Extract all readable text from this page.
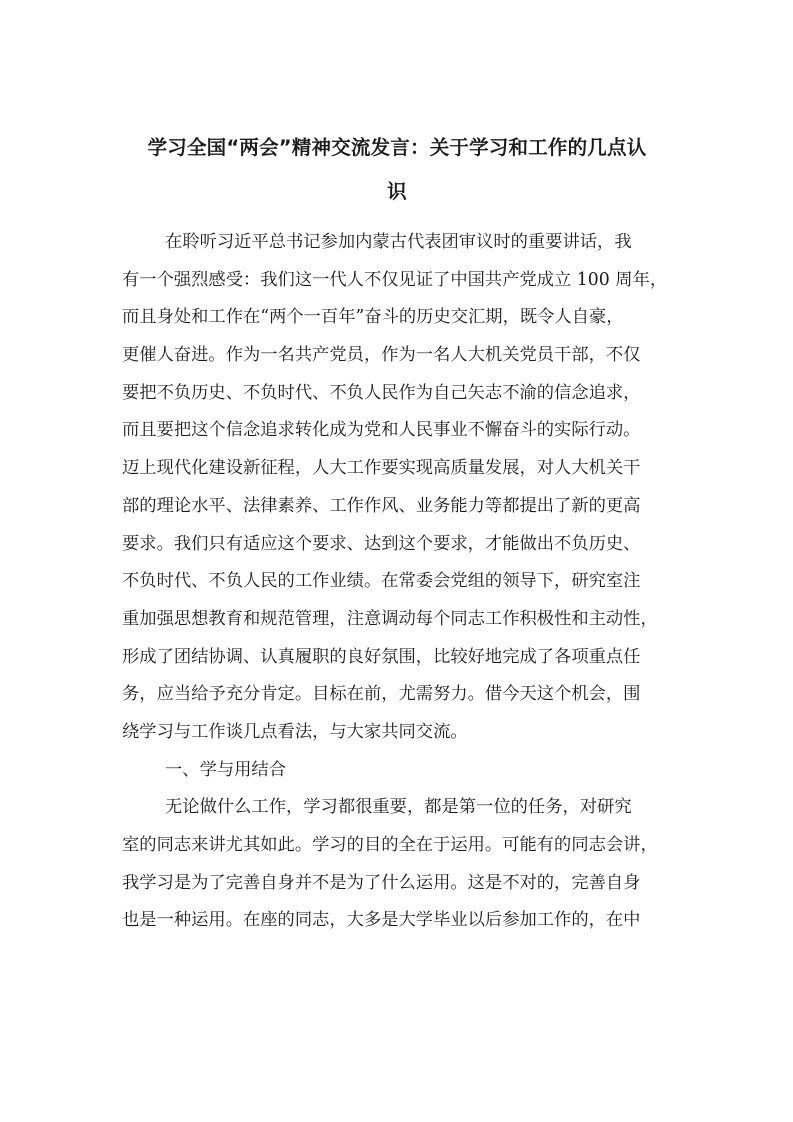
学习全国“两会”精神交流发言：关于学习和工作的几点认
识
在聆听习近平总书记参加内蒙古代表团审议时的重要讲话，我
有一个强烈感受：我们这一代人不仅见证了中国共产党成立 100 周年，
而且身处和工作在“两个一百年”奋斗的历史交汇期，既令人自豪，
更催人奋进。作为一名共产党员，作为一名人大机关党员干部，不仅
要把不负历史、不负时代、不负人民作为自己矢志不渝的信念追求，
而且要把这个信念追求转化成为党和人民事业不懈奋斗的实际行动。
迈上现代化建设新征程，人大工作要实现高质量发展，对人大机关干
部的理论水平、法律素养、工作作风、业务能力等都提出了新的更高
要求。我们只有适应这个要求、达到这个要求，才能做出不负历史、
不负时代、不负人民的工作业绩。在常委会党组的领导下，研究室注
重加强思想教育和规范管理，注意调动每个同志工作积极性和主动性，
形成了团结协调、认真履职的良好氛围，比较好地完成了各项重点任
务，应当给予充分肯定。目标在前，尤需努力。借今天这个机会，围
绕学习与工作谈几点看法，与大家共同交流。
一、学与用结合
无论做什么工作，学习都很重要，都是第一位的任务，对研究
室的同志来讲尤其如此。学习的目的全在于运用。可能有的同志会讲，
我学习是为了完善自身并不是为了什么运用。这是不对的，完善自身
也是一种运用。在座的同志，大多是大学毕业以后参加工作的，在中
